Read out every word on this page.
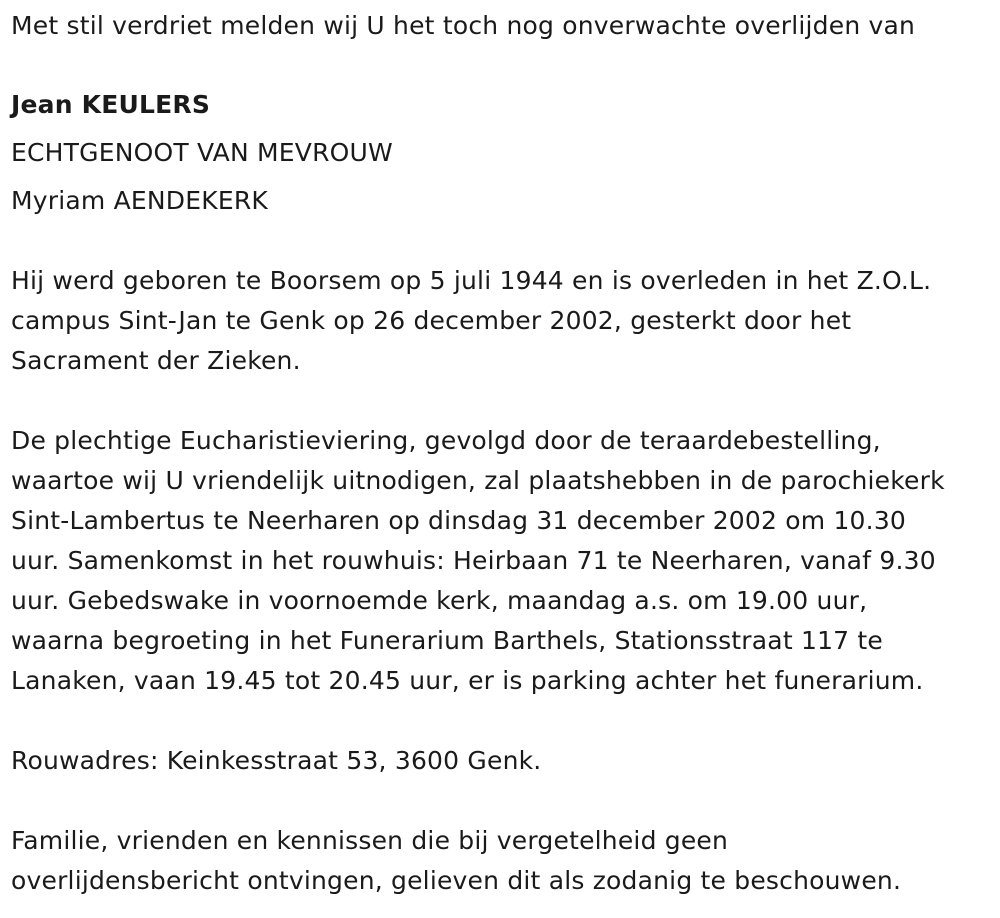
Met stil verdriet melden wij U het toch nog onverwachte overlijden van
Jean KEULERS
ECHTGENOOT VAN MEVROUW
Myriam AENDEKERK
Hij werd geboren te Boorsem op 5 juli 1944 en is overleden in het Z.O.L.
campus Sint-Jan te Genk op 26 december 2002, gesterkt door het
Sacrament der Zieken.
De plechtige Eucharistieviering, gevolgd door de teraardebestelling,
waartoe wij U vriendelijk uitnodigen, zal plaatshebben in de parochiekerk
Sint-Lambertus te Neerharen op dinsdag 31 december 2002 om 10.30
uur. Samenkomst in het rouwhuis: Heirbaan 71 te Neerharen, vanaf 9.30
uur. Gebedswake in voornoemde kerk, maandag a.s. om 19.00 uur,
waarna begroeting in het Funerarium Barthels, Stationsstraat 117 te
Lanaken, vaan 19.45 tot 20.45 uur, er is parking achter het funerarium.
Rouwadres: Keinkesstraat 53, 3600 Genk.
Familie, vrienden en kennissen die bij vergetelheid geen
overlijdensbericht ontvingen, gelieven dit als zodanig te beschouwen.
